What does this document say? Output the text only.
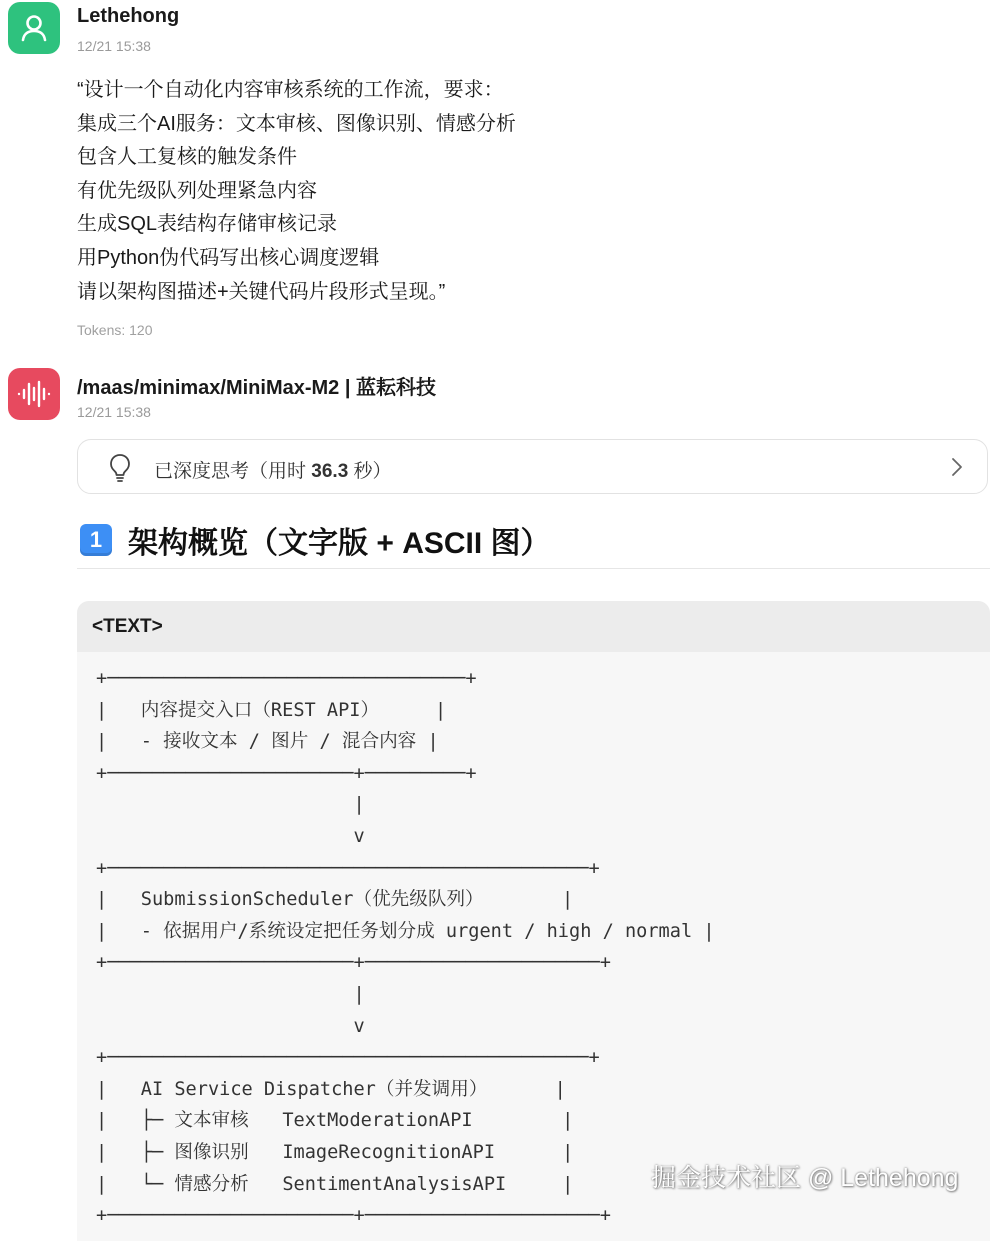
Lethehong
12/21 15:38
“设计一个自动化内容审核系统的工作流，要求：
集成三个AI服务：文本审核、图像识别、情感分析
包含人工复核的触发条件
有优先级队列处理紧急内容
生成SQL表结构存储审核记录
用Python伪代码写出核心调度逻辑
请以架构图描述+关键代码片段形式呈现。”
Tokens: 120
/maas/minimax/MiniMax-M2 | 蓝耘科技
12/21 15:38
已深度思考（用时 36.3 秒）
1 架构概览（文字版 + ASCII 图）
<TEXT>
+────────────────────────────────+
|   内容提交入口（REST API）     |
|   - 接收文本 / 图片 / 混合内容 |
+──────────────────────+─────────+
|
v
+───────────────────────────────────────────+
|   SubmissionScheduler（优先级队列）       |
|   - 依据用户/系统设定把任务划分成 urgent / high / normal |
+──────────────────────+─────────────────────+
|
v
+───────────────────────────────────────────+
|   AI Service Dispatcher（并发调用）      |
|   ├─ 文本审核   TextModerationAPI        |
|   ├─ 图像识别   ImageRecognitionAPI      |
|   └─ 情感分析   SentimentAnalysisAPI     |
+──────────────────────+─────────────────────+
掘金技术社区 @ Lethehong
